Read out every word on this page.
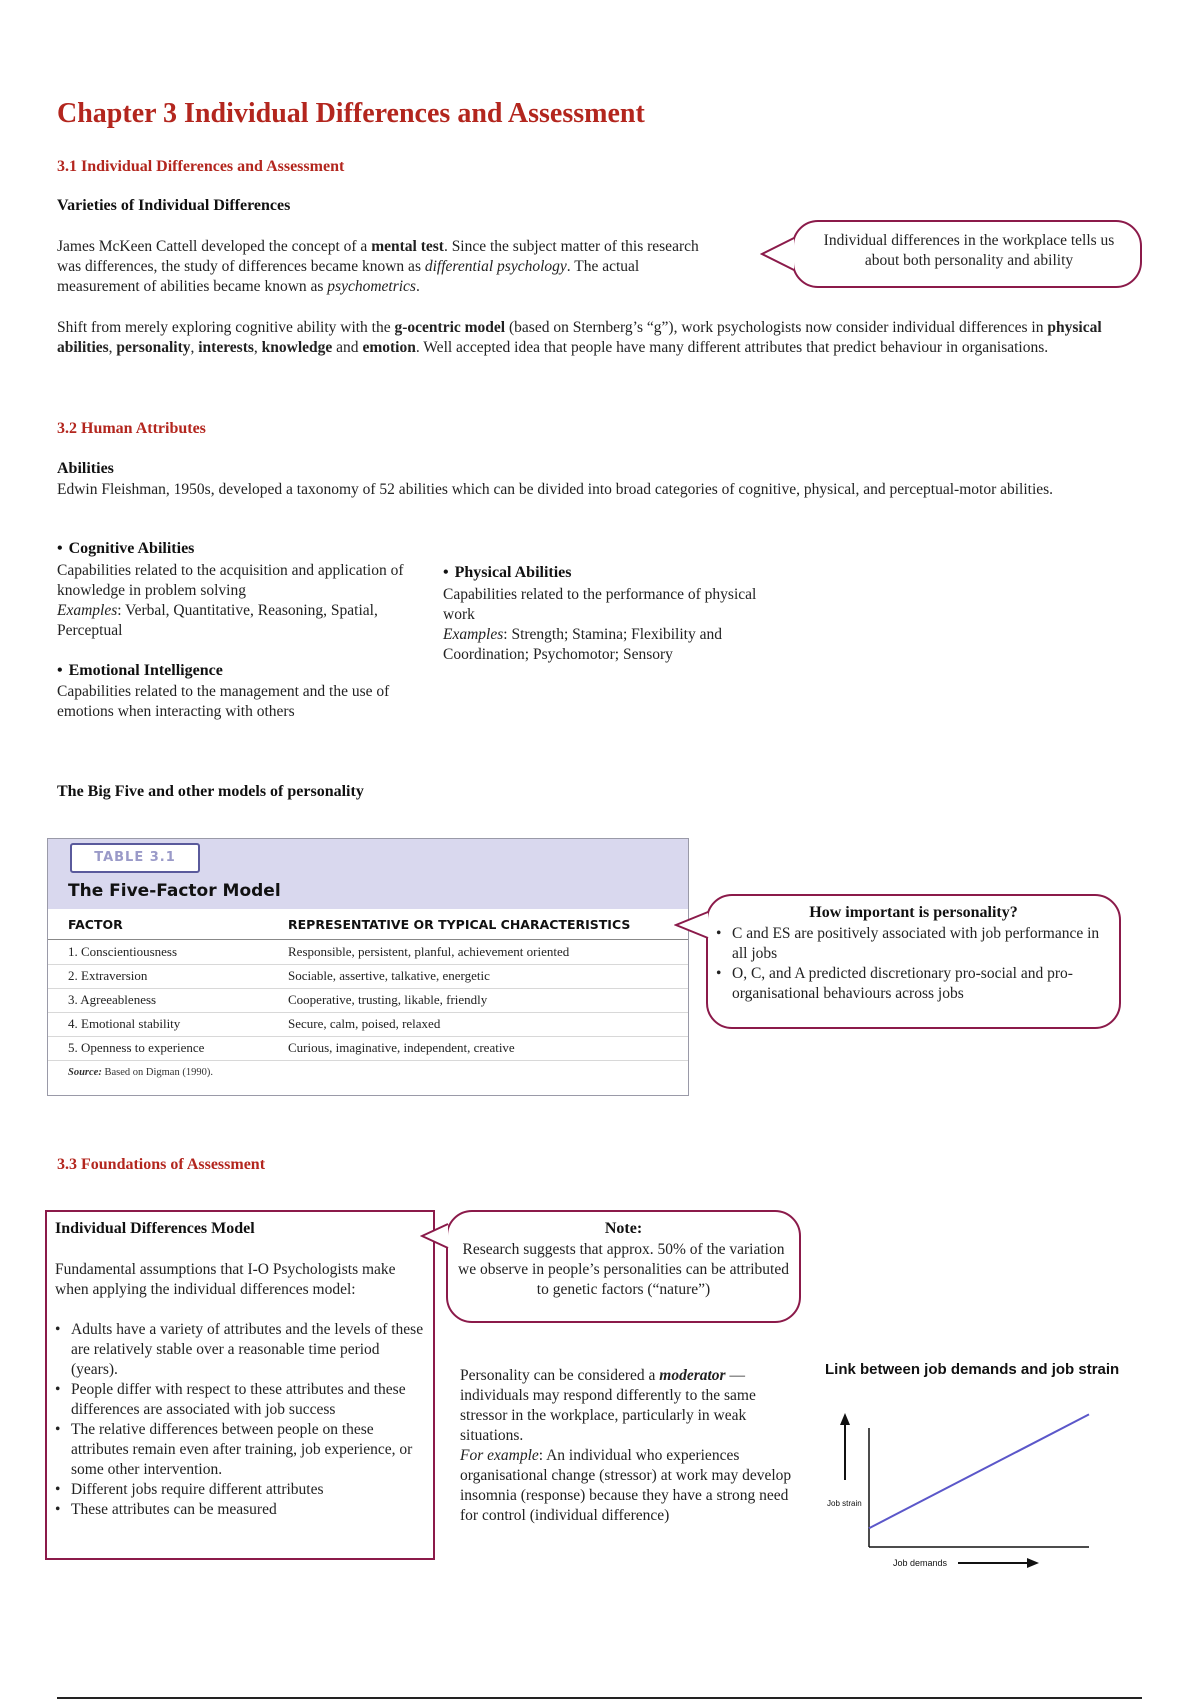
Chapter 3 Individual Differences and Assessment
3.1 Individual Differences and Assessment
Varieties of Individual Differences
James McKeen Cattell developed the concept of a mental test. Since the subject matter of this research was differences, the study of differences became known as differential psychology. The actual measurement of abilities became known as psychometrics.
Individual differences in the workplace tells us about both personality and ability
Shift from merely exploring cognitive ability with the g-ocentric model (based on Sternberg’s “g”), work psychologists now consider individual differences in physical abilities, personality, interests, knowledge and emotion. Well accepted idea that people have many different attributes that predict behaviour in organisations.
3.2 Human Attributes
Abilities
Edwin Fleishman, 1950s, developed a taxonomy of 52 abilities which can be divided into broad categories of cognitive, physical, and perceptual-motor abilities.
• Cognitive Abilities
Capabilities related to the acquisition and application of knowledge in problem solving
Examples: Verbal, Quantitative, Reasoning, Spatial, Perceptual
• Physical Abilities
Capabilities related to the performance of physical work
Examples: Strength; Stamina; Flexibility and Coordination; Psychomotor; Sensory
• Emotional Intelligence
Capabilities related to the management and the use of emotions when interacting with others
The Big Five and other models of personality
TABLE 3.1
The Five-Factor Model
FACTOR	REPRESENTATIVE OR TYPICAL CHARACTERISTICS
1. Conscientiousness	Responsible, persistent, planful, achievement oriented
2. Extraversion	Sociable, assertive, talkative, energetic
3. Agreeableness	Cooperative, trusting, likable, friendly
4. Emotional stability	Secure, calm, poised, relaxed
5. Openness to experience	Curious, imaginative, independent, creative
Source: Based on Digman (1990).
How important is personality?
• C and ES are positively associated with job performance in all jobs
• O, C, and A predicted discretionary pro-social and pro-organisational behaviours across jobs
3.3 Foundations of Assessment
Individual Differences Model
Fundamental assumptions that I-O Psychologists make when applying the individual differences model:
• Adults have a variety of attributes and the levels of these are relatively stable over a reasonable time period (years).
• People differ with respect to these attributes and these differences are associated with job success
• The relative differences between people on these attributes remain even after training, job experience, or some other intervention.
• Different jobs require different attributes
• These attributes can be measured
Note:
Research suggests that approx. 50% of the variation we observe in people’s personalities can be attributed to genetic factors (“nature”)
Personality can be considered a moderator — individuals may respond differently to the same stressor in the workplace, particularly in weak situations.
For example: An individual who experiences organisational change (stressor) at work may develop insomnia (response) because they have a strong need for control (individual difference)
Link between job demands and job strain
Job strain
Job demands
